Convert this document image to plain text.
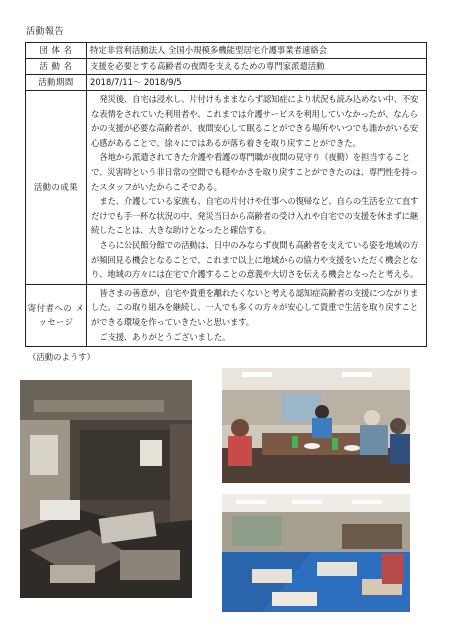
活動報告
団 体 名	特定非営利活動法人 全国小規模多機能型居宅介護事業者連絡会
活 動 名	支援を必要とする高齢者の夜間を支えるための専門家派遣活動
活動期間	2018/7/11～ 2018/9/5
活動の成果	発災後、自宅は浸水し、片付けもままならず認知症により状況も読み込めない中、不安な表情をされていた利用者や、これまでは介護サービスを利用していなかったが、なんらかの支援が必要な高齢者が、夜間安心して眠ることができる場所やいつでも誰かがいる安心感があることで、徐々にではあるが落ち着きを取り戻すことができた。
各地から派遣されてきた介護や看護の専門職が夜間の見守り（夜勤）を担当することで、災害時という非日常の空間でも穏やかさを取り戻すことができたのは、専門性を持ったスタッフがいたからこそである。
また、介護している家族も、自宅の片付けや仕事への復帰など、自らの生活を立て直すだけでも手一杯な状況の中、発災当日から高齢者の受け入れや自宅での支援を休まずに継続したことは、大きな助けとなったと確信する。
さらに公民館分館での活動は、日中のみならず夜間も高齢者を支えている姿を地域の方が頻回見る機会となることで、これまで以上に地域からの協力や支援をいただく機会となり、地域の方々には在宅で介護することの意義や大切さを伝える機会となったと考える。

寄付者への メッセージ	皆さまの善意が、自宅や貴重を離れたくないと考える認知症高齢者の支援につながりました。この取り組みを継続し、一人でも多くの方々が安心して貴重で生活を取り戻すことができる環境を作っていきたいと思います。
ご支援、ありがとうございました。
（活動のようす）
